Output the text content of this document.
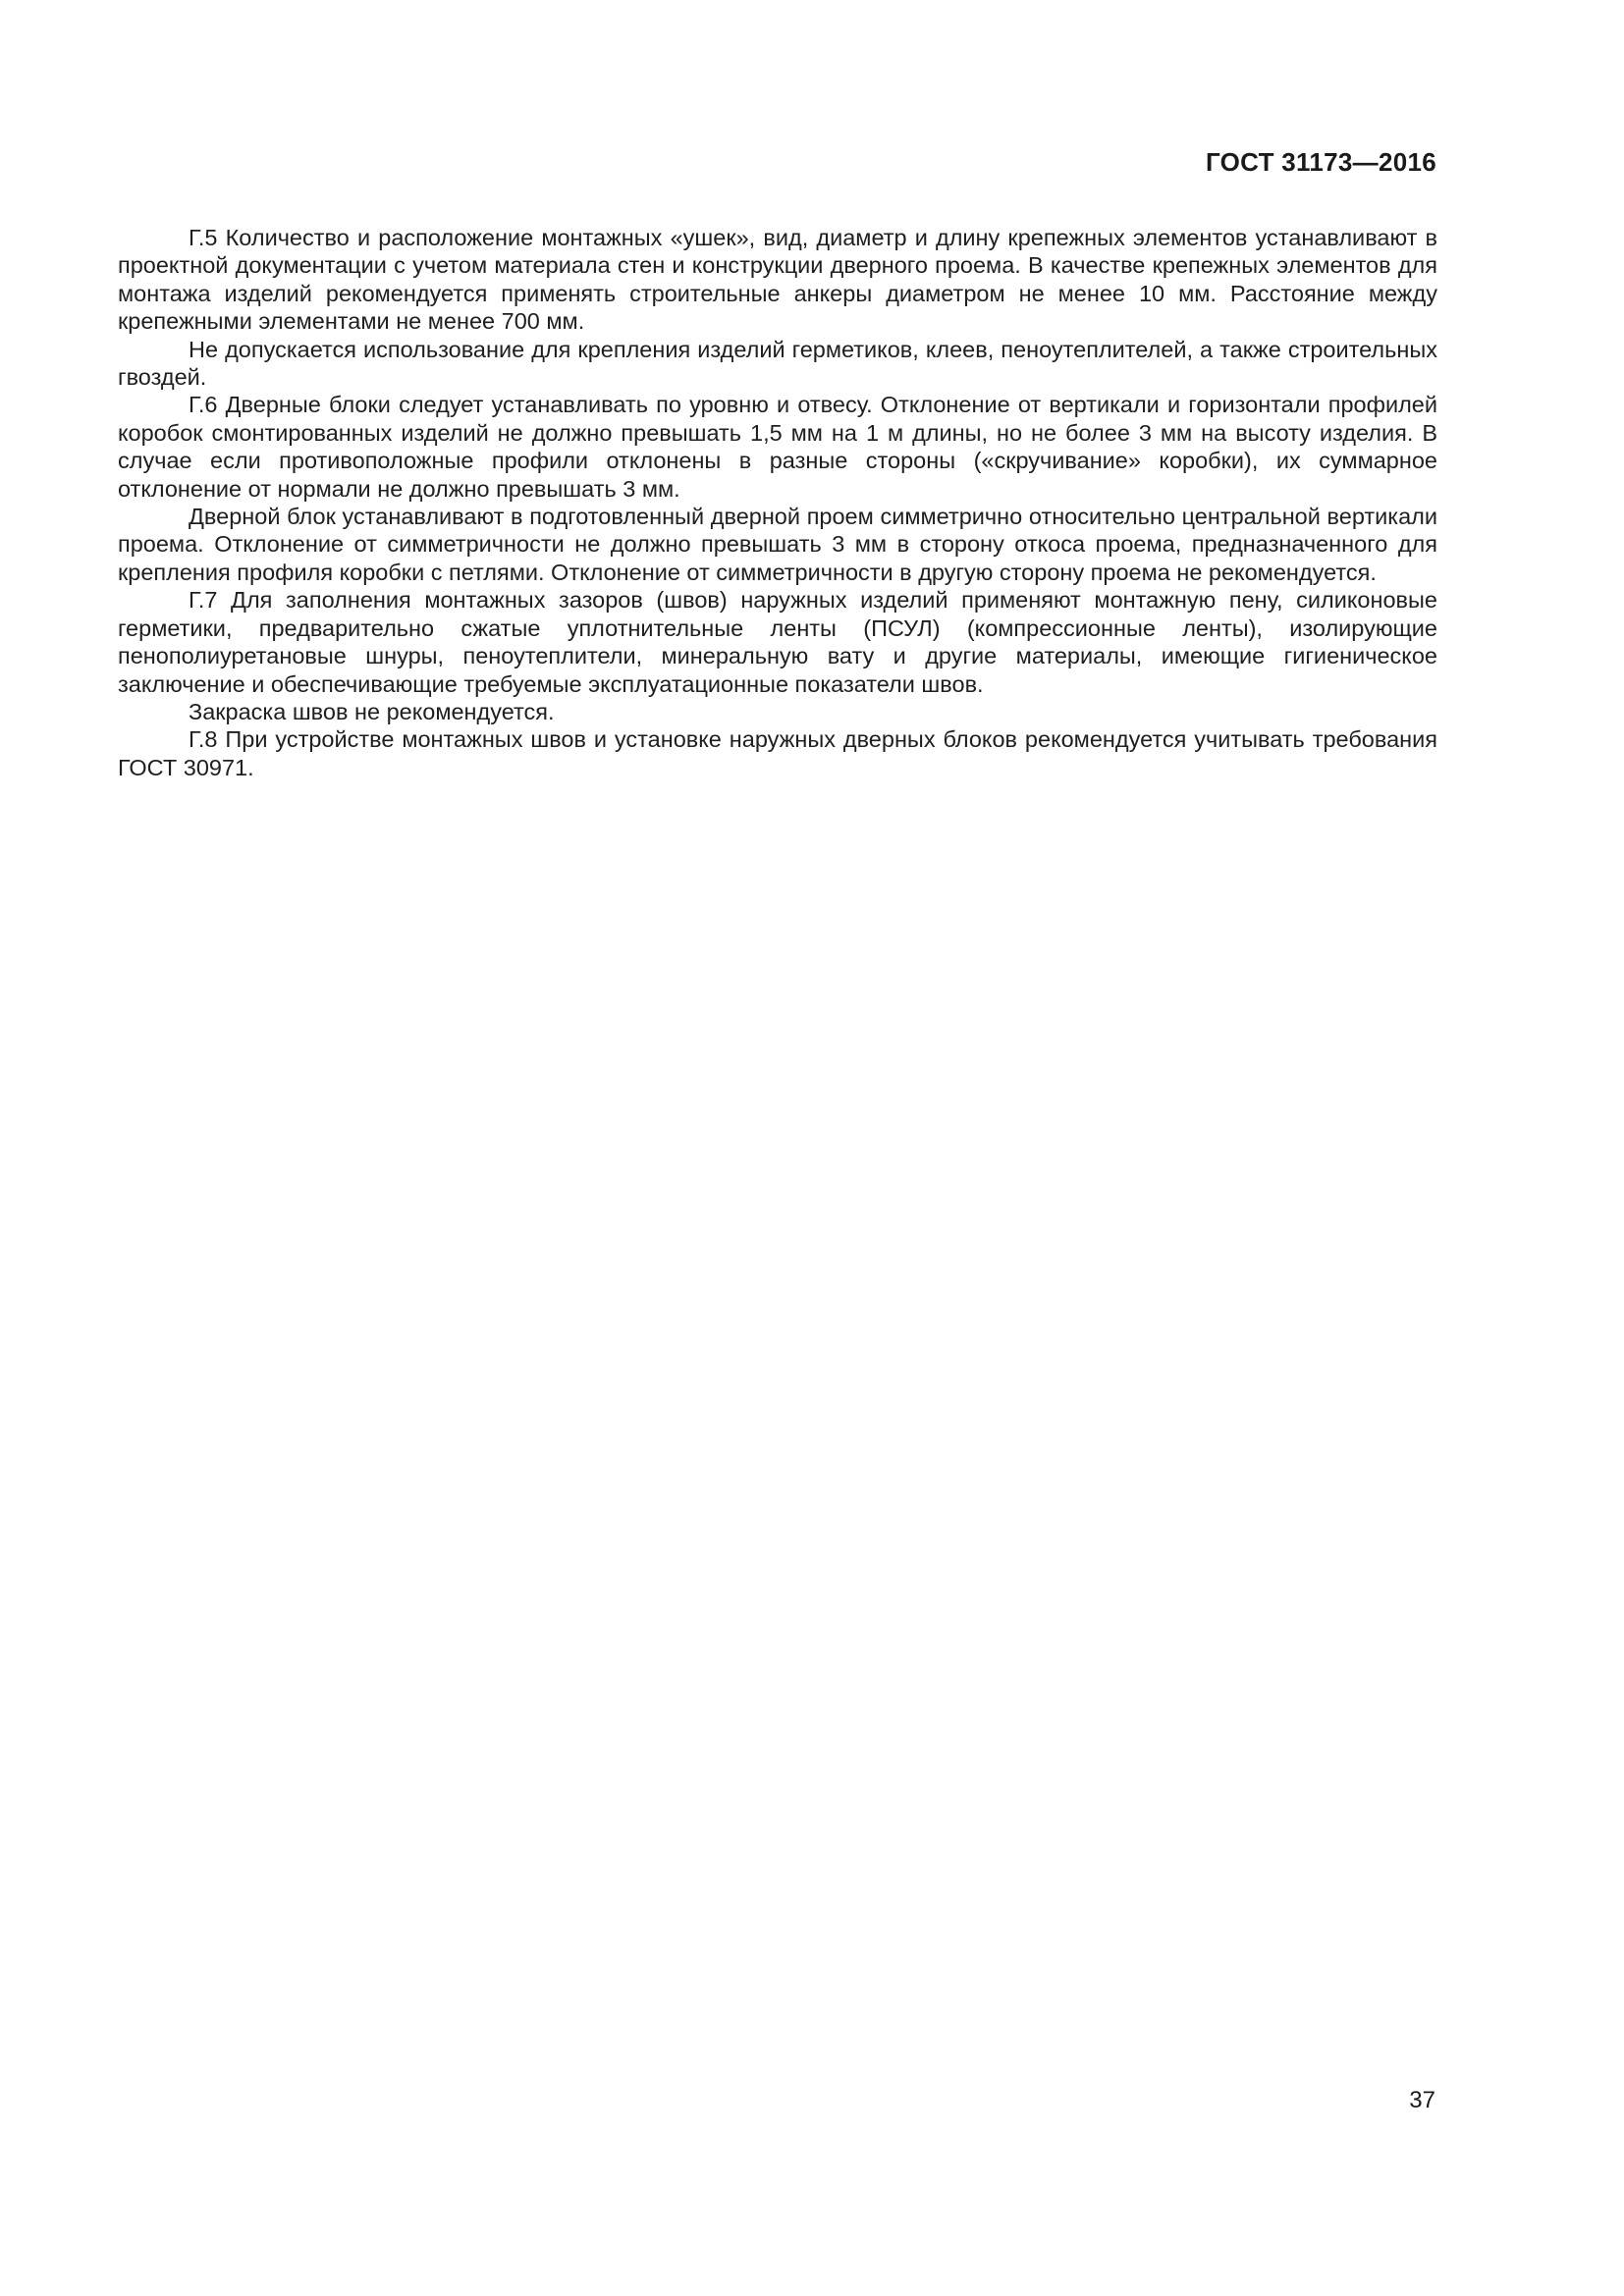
ГОСТ 31173—2016

Г.5 Количество и расположение монтажных «ушек», вид, диаметр и длину крепежных элементов устанавливают в проектной документации с учетом материала стен и конструкции дверного проема. В качестве крепежных элементов для монтажа изделий рекомендуется применять строительные анкеры диаметром не менее 10 мм. Расстояние между крепежными элементами не менее 700 мм.

Не допускается использование для крепления изделий герметиков, клеев, пеноутеплителей, а также строительных гвоздей.

Г.6 Дверные блоки следует устанавливать по уровню и отвесу. Отклонение от вертикали и горизонтали профилей коробок смонтированных изделий не должно превышать 1,5 мм на 1 м длины, но не более 3 мм на высоту изделия. В случае если противоположные профили отклонены в разные стороны («скручивание» коробки), их суммарное отклонение от нормали не должно превышать 3 мм.

Дверной блок устанавливают в подготовленный дверной проем симметрично относительно центральной вертикали проема. Отклонение от симметричности не должно превышать 3 мм в сторону откоса проема, предназначенного для крепления профиля коробки с петлями. Отклонение от симметричности в другую сторону проема не рекомендуется.

Г.7 Для заполнения монтажных зазоров (швов) наружных изделий применяют монтажную пену, силиконовые герметики, предварительно сжатые уплотнительные ленты (ПСУЛ) (компрессионные ленты), изолирующие пенополиуретановые шнуры, пеноутеплители, минеральную вату и другие материалы, имеющие гигиеническое заключение и обеспечивающие требуемые эксплуатационные показатели швов.

Закраска швов не рекомендуется.

Г.8 При устройстве монтажных швов и установке наружных дверных блоков рекомендуется учитывать требования ГОСТ 30971.

37
